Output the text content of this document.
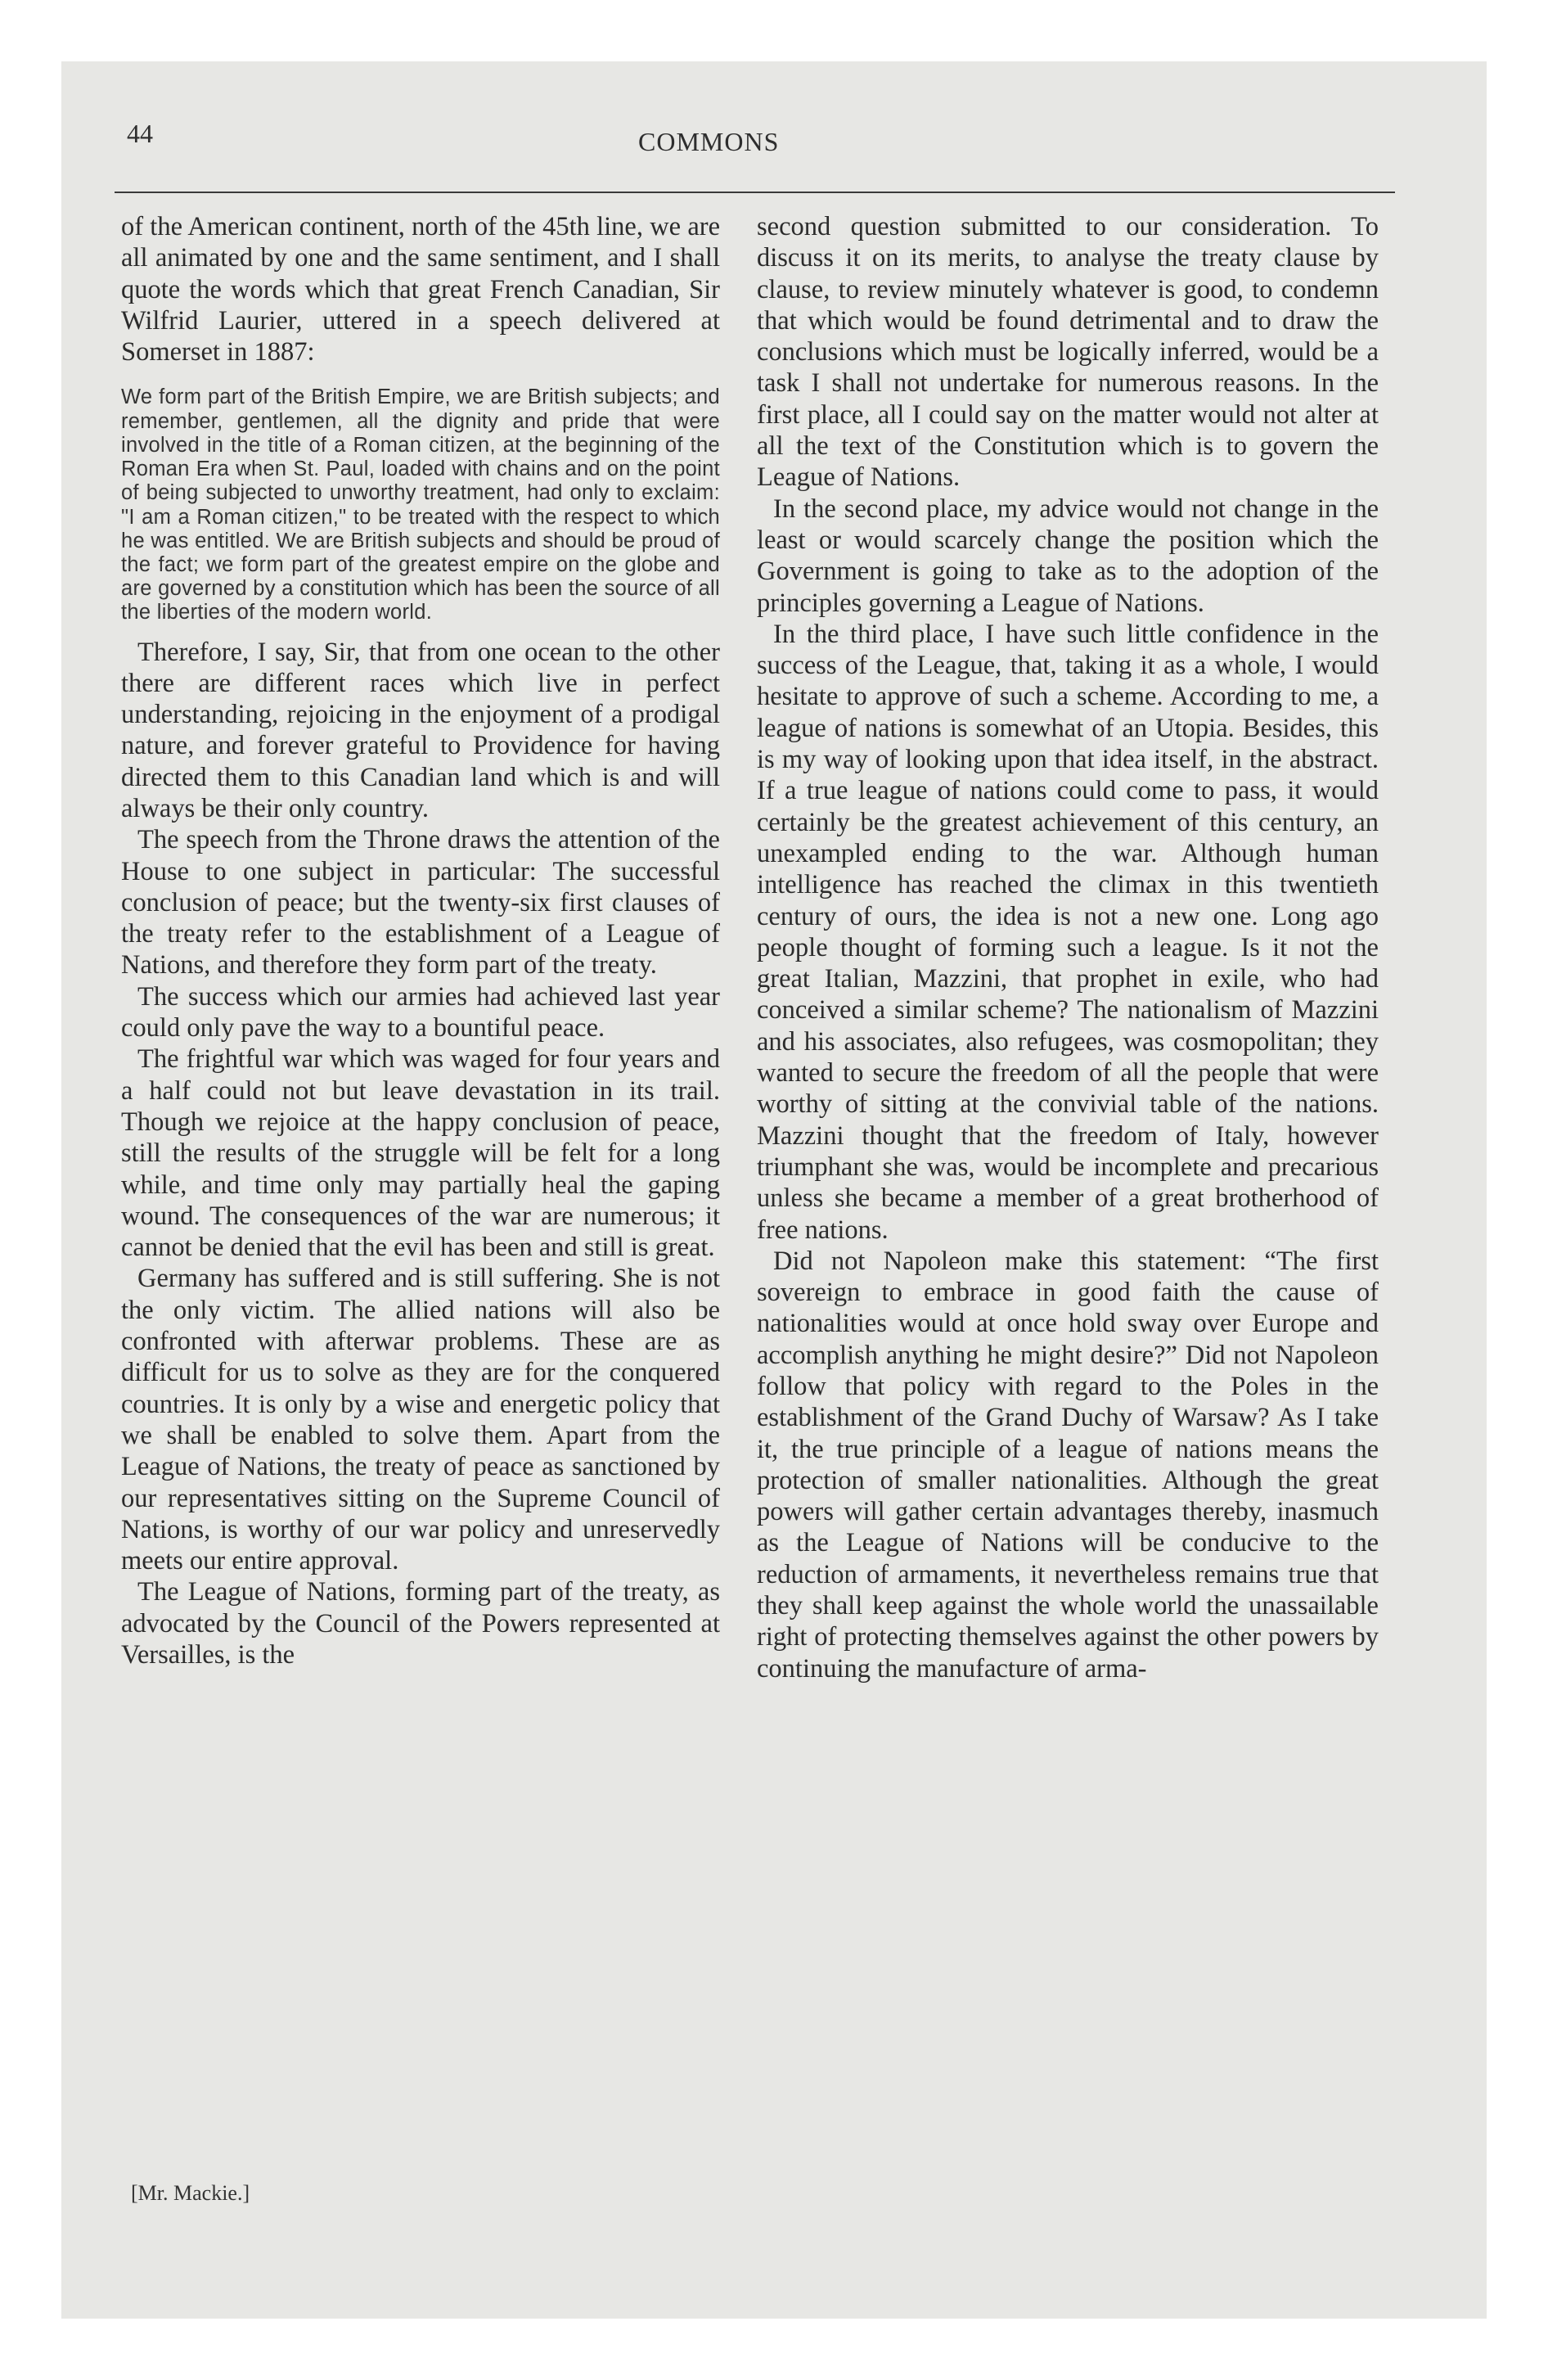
44	COMMONS

of the American continent, north of the 45th line, we are all animated by one and the same sentiment, and I shall quote the words which that great French Canadian, Sir Wilfrid Laurier, uttered in a speech delivered at Somerset in 1887:

We form part of the British Empire, we are British subjects; and remember, gentlemen, all the dignity and pride that were involved in the title of a Roman citizen, at the beginning of the Roman Era when St. Paul, loaded with chains and on the point of being subjected to unworthy treatment, had only to exclaim: "I am a Roman citizen," to be treated with the respect to which he was entitled. We are British subjects and should be proud of the fact; we form part of the greatest empire on the globe and are governed by a constitution which has been the source of all the liberties of the modern world.

Therefore, I say, Sir, that from one ocean to the other there are different races which live in perfect understanding, rejoicing in the enjoyment of a prodigal nature, and forever grateful to Providence for having directed them to this Canadian land which is and will always be their only country.

The speech from the Throne draws the attention of the House to one subject in particular: The successful conclusion of peace; but the twenty-six first clauses of the treaty refer to the establishment of a League of Nations, and therefore they form part of the treaty.

The success which our armies had achieved last year could only pave the way to a bountiful peace.

The frightful war which was waged for four years and a half could not but leave devastation in its trail. Though we rejoice at the happy conclusion of peace, still the results of the struggle will be felt for a long while, and time only may partially heal the gaping wound. The consequences of the war are numerous; it cannot be denied that the evil has been and still is great.

Germany has suffered and is still suffering. She is not the only victim. The allied nations will also be confronted with afterwar problems. These are as difficult for us to solve as they are for the conquered countries. It is only by a wise and energetic policy that we shall be enabled to solve them. Apart from the League of Nations, the treaty of peace as sanctioned by our representatives sitting on the Supreme Council of Nations, is worthy of our war policy and unreservedly meets our entire approval.

The League of Nations, forming part of the treaty, as advocated by the Council of the Powers represented at Versailles, is the

second question submitted to our consideration. To discuss it on its merits, to analyse the treaty clause by clause, to review minutely whatever is good, to condemn that which would be found detrimental and to draw the conclusions which must be logically inferred, would be a task I shall not undertake for numerous reasons. In the first place, all I could say on the matter would not alter at all the text of the Constitution which is to govern the League of Nations.

In the second place, my advice would not change in the least or would scarcely change the position which the Government is going to take as to the adoption of the principles governing a League of Nations.

In the third place, I have such little confidence in the success of the League, that, taking it as a whole, I would hesitate to approve of such a scheme. According to me, a league of nations is somewhat of an Utopia. Besides, this is my way of looking upon that idea itself, in the abstract. If a true league of nations could come to pass, it would certainly be the greatest achievement of this century, an unexampled ending to the war. Although human intelligence has reached the climax in this twentieth century of ours, the idea is not a new one. Long ago people thought of forming such a league. Is it not the great Italian, Mazzini, that prophet in exile, who had conceived a similar scheme? The nationalism of Mazzini and his associates, also refugees, was cosmopolitan; they wanted to secure the freedom of all the people that were worthy of sitting at the convivial table of the nations. Mazzini thought that the freedom of Italy, however triumphant she was, would be incomplete and precarious unless she became a member of a great brotherhood of free nations.

Did not Napoleon make this statement: “The first sovereign to embrace in good faith the cause of nationalities would at once hold sway over Europe and accomplish anything he might desire?” Did not Napoleon follow that policy with regard to the Poles in the establishment of the Grand Duchy of Warsaw? As I take it, the true principle of a league of nations means the protection of smaller nationalities. Although the great powers will gather certain advantages thereby, inasmuch as the League of Nations will be conducive to the reduction of armaments, it nevertheless remains true that they shall keep against the whole world the unassailable right of protecting themselves against the other powers by continuing the manufacture of arma-

[Mr. Mackie.]
